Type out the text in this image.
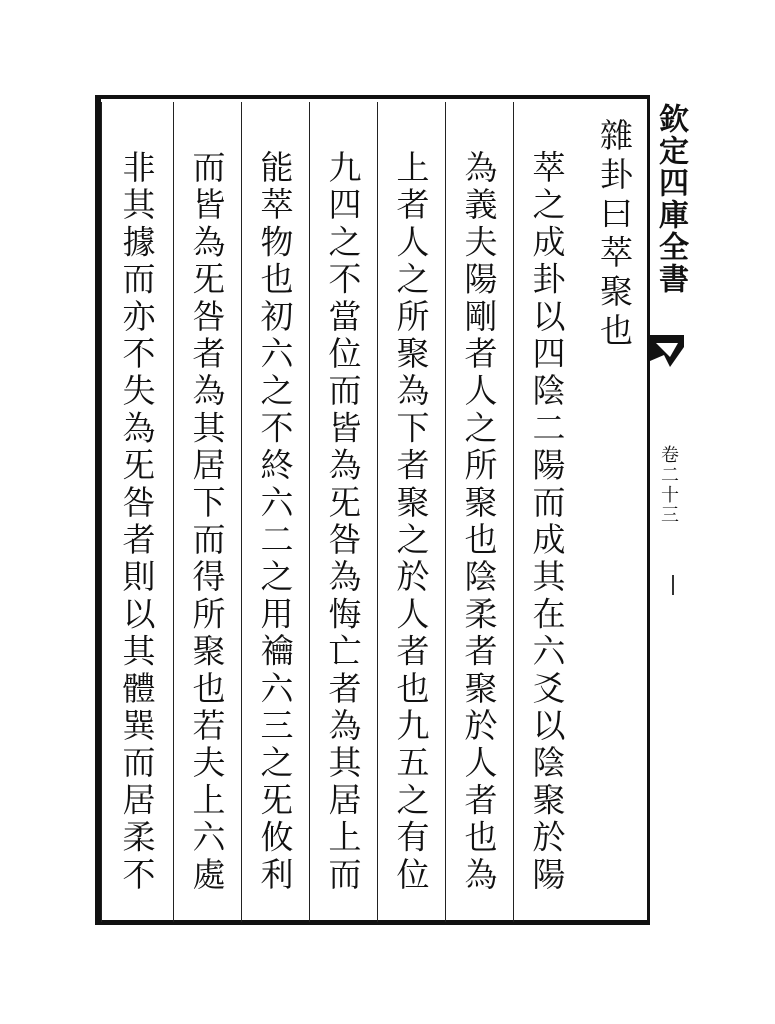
雜卦曰萃聚也
萃之成卦以四陰二陽而成其在六爻以陰聚於陽
為義夫陽剛者人之所聚也陰柔者聚於人者也為
上者人之所聚為下者聚之於人者也九五之有位
九四之不當位而皆為旡咎為悔亡者為其居上而
能萃物也初六之不終六二之用禴六三之旡攸利
而皆為旡咎者為其居下而得所聚也若夫上六處
非其據而亦不失為旡咎者則以其體巽而居柔不	欽定四庫全書
卷二十三
